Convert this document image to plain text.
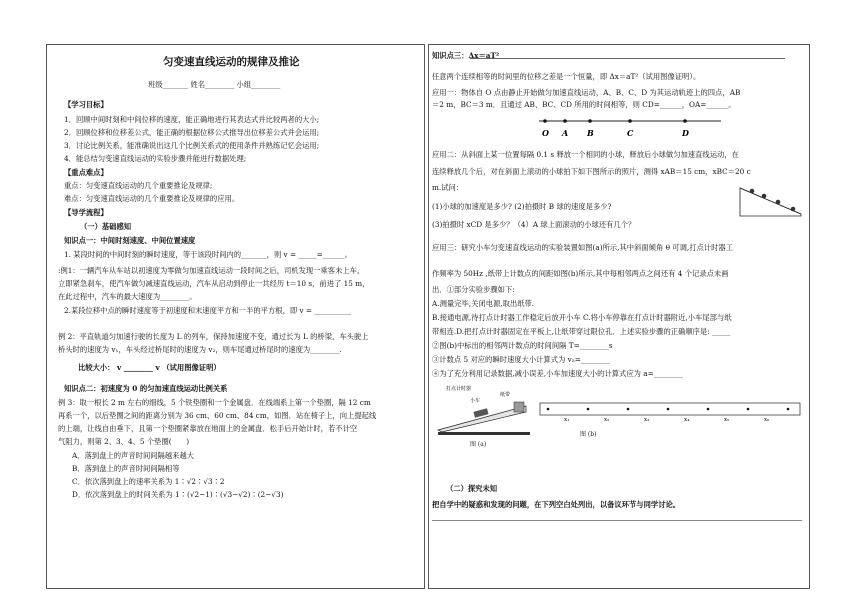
匀变速直线运动的规律及推论
班级_______ 姓名________ 小组________
【学习目标】
1．回顾中间时刻和中间位移的速度，能正确地进行其表达式并比较两者的大小;
2．回顾位移和位移差公式，能正确的根据位移公式推导出位移差公式并会运用;
3．讨论比例关系，能准确说出这几个比例关系式的使用条件并熟练记忆会运用;
4．能总结匀变速直线运动的实验步骤并能进行数据处理;
【重点难点】
重点：匀变速直线运动的几个重要推论及规律;
难点：匀变速直线运动的几个重要推论及规律的应用。
【导学流程】
（一）基础感知
知识点一：中间时刻速度、中间位置速度
1. 某段时间的中间时刻的瞬时速度，等于该段时间内的_______，则 v = _____=______。
:例1：一辆汽车从车站以初速度为零做匀加速直线运动一段时间之后，司机发现一乘客未上车，
立即紧急刹车，使汽车做匀减速直线运动，汽车从启动到停止一共经历 t＝10 s，前进了 15 m，
在此过程中，汽车的最大速度为________。
2.某段位移中点的瞬时速度等于初速度和末速度平方和一半的平方根，即 v = __________
例 2：平直轨道匀加速行驶的长度为 L 的列车，保持加速度不变，通过长为 L 的桥梁，车头驶上
桥头时的速度为 v₁，车头经过桥尾时的速度为 v₂，则车尾通过桥尾时的速度为________.
比较大小： v ________ v （试用图像证明）
知识点二：初速度为 0 的匀加速直线运动比例关系
例 3：取一根长 2 m 左右的细线，5 个铁垫圈和一个金属盘．在线端系上第一个垫圈，隔 12 cm
再系一个，以后垫圈之间的距离分别为 36 cm、60 cm、84 cm，如图．站在椅子上，向上提起线
的上端，让线自由垂下，且第一个垫圈紧靠放在地面上的金属盘．松手后开始计时，若不计空
气阻力，则第 2、3、4、5 个垫圈(　　)
A．落到盘上的声音时间间隔越来越大
B．落到盘上的声音时间间隔相等
C．依次落到盘上的速率关系为 1∶√2∶√3∶2
D．依次落到盘上的时间关系为 1∶(√2−1)∶(√3−√2)∶(2−√3)
知识点三：Δx＝aT²
任意两个连续相等的时间里的位移之差是一个恒量，即 Δx＝aT²（试用图像证明）。
应用一：物体自 O 点由静止开始做匀加速直线运动，A、B、C、D 为其运动轨迹上的四点，AB
＝2 m，BC＝3 m．且通过 AB、BC、CD 所用的时间相等，则 CD=______，OA=______。
O A B	C	D
应用二：从斜面上某一位置每隔 0.1 s 释放一个相同的小球，释放后小球做匀加速直线运动，在
连续释放几个后，对在斜面上滚动的小球拍下如下图所示的照片，测得 xAB＝15 cm，xBC＝20 c
m.试问：
(1)小球的加速度是多少? (2)拍摄时 B 球的速度是多少?
(3)拍摄时 xCD 是多少？（4）A 球上面滚动的小球还有几个？
应用三：研究小车匀变速直线运动的实验装置如图(a)所示,其中斜面倾角 θ 可调,打点计时器工
作频率为 50Hz ,纸带上计数点的间距如图(b)所示,其中每相邻两点之间还有 4 个记录点未画
出．①部分实验步骤如下:
A.测量完毕,关闭电源,取出纸带.
B.接通电源,待打点计时器工作稳定后放开小车 C.将小车停靠在打点计时器附近,小车尾部与纸
带相连.D.把打点计时器固定在平板上,让纸带穿过限位孔．上述实验步骤的正确顺序是: _____
②图(b)中标出的相邻两计数点的时间间隔 T=________s
③计数点 5 对应的瞬时速度大小计算式为 v₅=________
④为了充分利用记录数据,减小误差,小车加速度大小的计算式应为 a=________
打点计时器
小车
纸带
图 (a)
x₁	x₂	x₃	x₄	x₅	x₆
图 (b)
（二）探究未知
把自学中的疑惑和发现的问题，在下列空白处列出，以备议环节与同学讨论。
